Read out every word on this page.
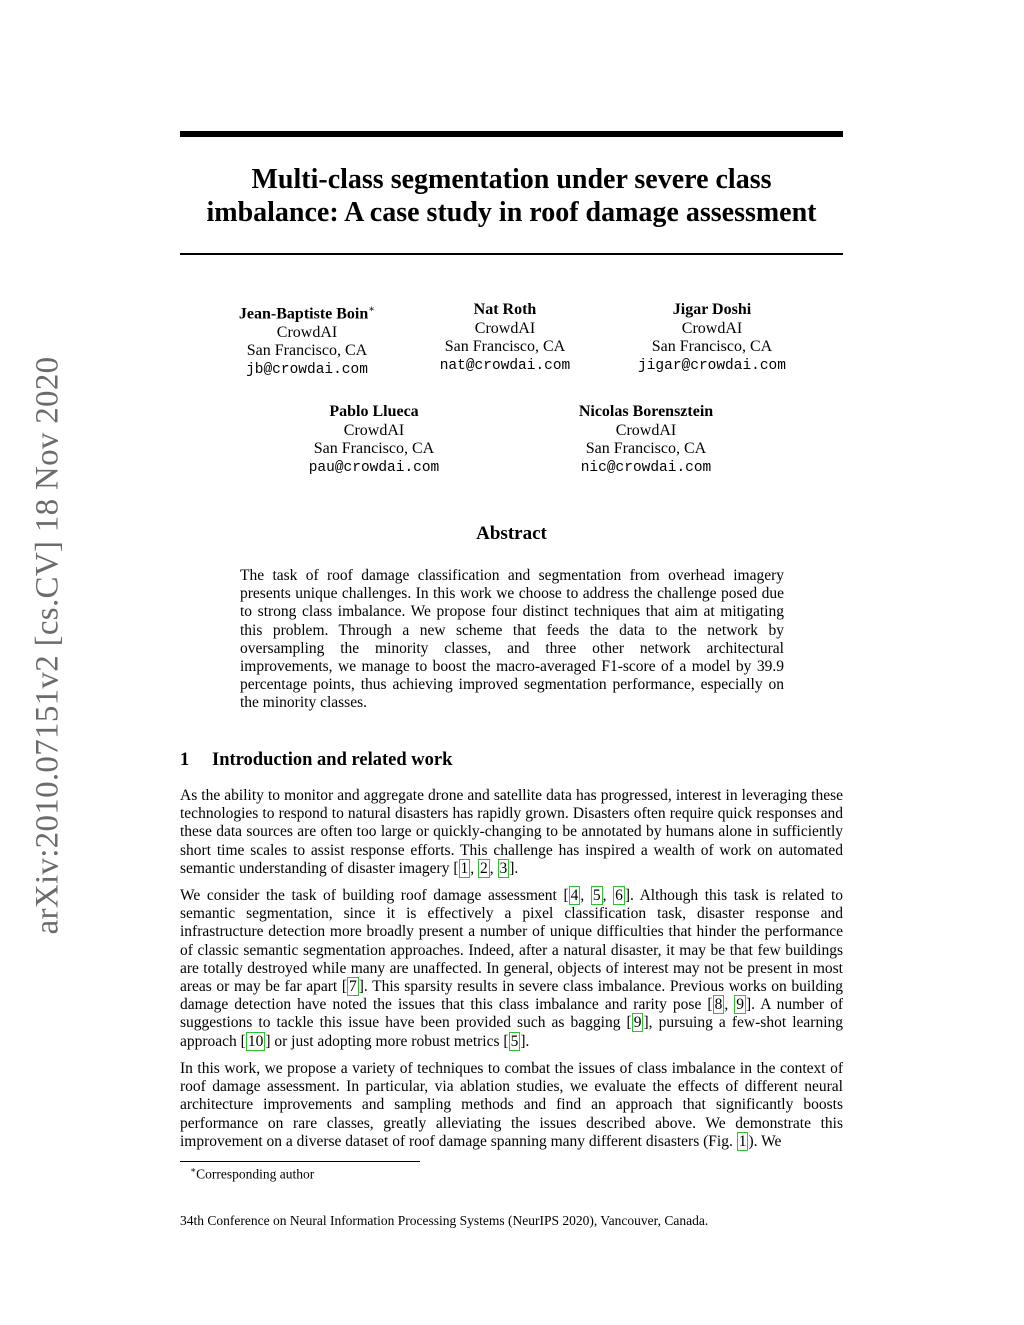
arXiv:2010.07151v2 [cs.CV] 18 Nov 2020
Multi-class segmentation under severe class
imbalance: A case study in roof damage assessment
Jean-Baptiste Boin∗
CrowdAI
San Francisco, CA
jb@crowdai.com
Nat Roth
CrowdAI
San Francisco, CA
nat@crowdai.com
Jigar Doshi
CrowdAI
San Francisco, CA
jigar@crowdai.com
Pablo Llueca
CrowdAI
San Francisco, CA
pau@crowdai.com
Nicolas Borensztein
CrowdAI
San Francisco, CA
nic@crowdai.com
Abstract
The task of roof damage classification and segmentation from overhead imagery presents unique challenges. In this work we choose to address the challenge posed due to strong class imbalance. We propose four distinct techniques that aim at mitigating this problem. Through a new scheme that feeds the data to the network by oversampling the minority classes, and three other network architectural improvements, we manage to boost the macro-averaged F1-score of a model by 39.9 percentage points, thus achieving improved segmentation performance, especially on the minority classes.
1 Introduction and related work
As the ability to monitor and aggregate drone and satellite data has progressed, interest in leveraging these technologies to respond to natural disasters has rapidly grown. Disasters often require quick responses and these data sources are often too large or quickly-changing to be annotated by humans alone in sufficiently short time scales to assist response efforts. This challenge has inspired a wealth of work on automated semantic understanding of disaster imagery [ 1 , 2 , 3 ].
We consider the task of building roof damage assessment [ 4 , 5 , 6 ]. Although this task is related to semantic segmentation, since it is effectively a pixel classification task, disaster response and infrastructure detection more broadly present a number of unique difficulties that hinder the performance of classic semantic segmentation approaches. Indeed, after a natural disaster, it may be that few buildings are totally destroyed while many are unaffected. In general, objects of interest may not be present in most areas or may be far apart [ 7 ]. This sparsity results in severe class imbalance. Previous works on building damage detection have noted the issues that this class imbalance and rarity pose [ 8 , 9 ]. A number of suggestions to tackle this issue have been provided such as bagging [ 9 ], pursuing a few-shot learning approach [ 10 ] or just adopting more robust metrics [ 5 ].
In this work, we propose a variety of techniques to combat the issues of class imbalance in the context of roof damage assessment. In particular, via ablation studies, we evaluate the effects of different neural architecture improvements and sampling methods and find an approach that significantly boosts performance on rare classes, greatly alleviating the issues described above. We demonstrate this improvement on a diverse dataset of roof damage spanning many different disasters (Fig. 1 ). We
∗Corresponding author
34th Conference on Neural Information Processing Systems (NeurIPS 2020), Vancouver, Canada.
